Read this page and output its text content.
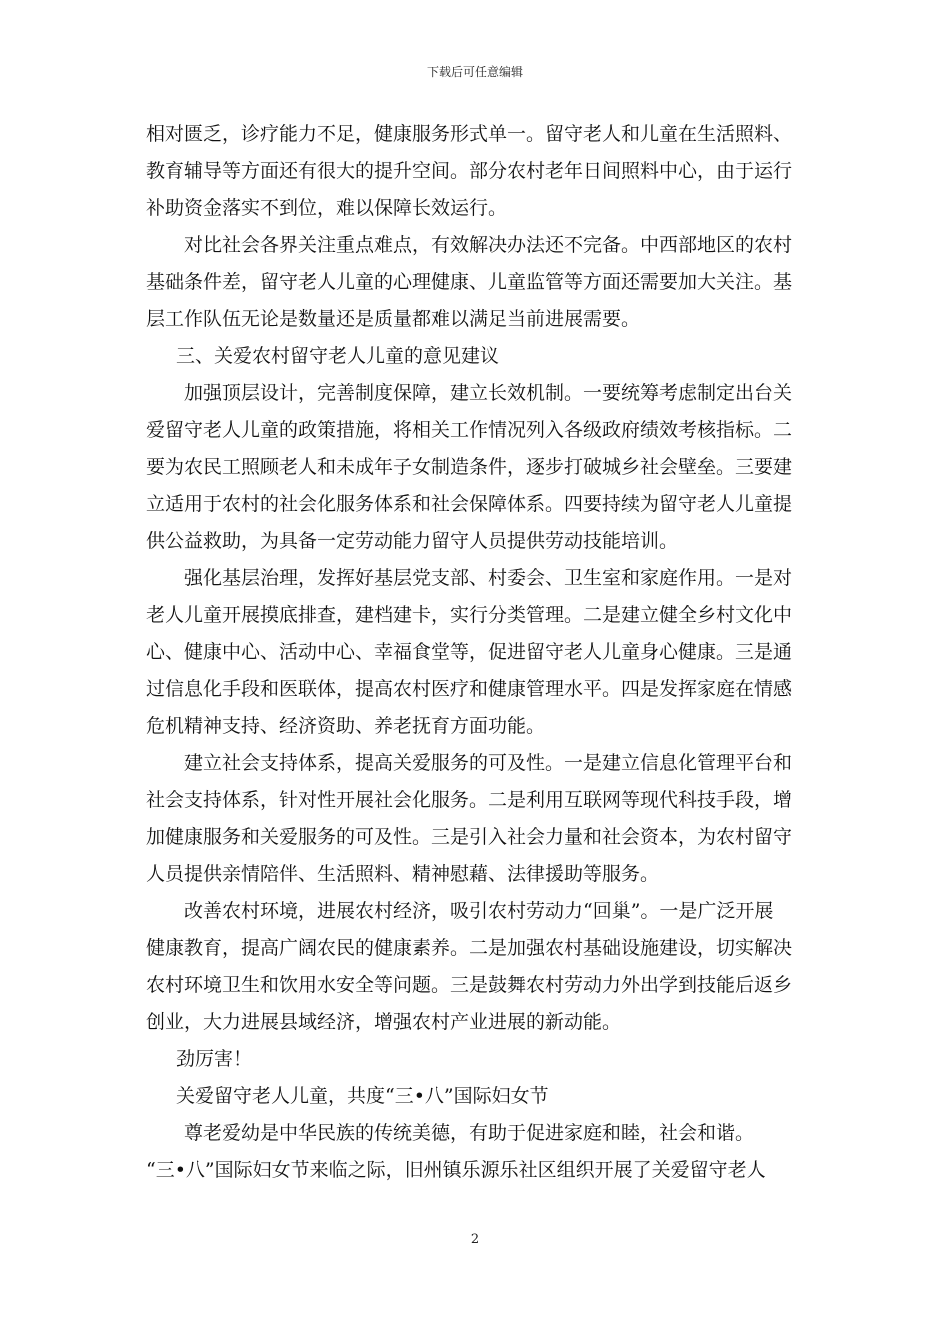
下载后可任意编辑

相对匮乏，诊疗能力不足，健康服务形式单一。留守老人和儿童在生活照料、

教育辅导等方面还有很大的提升空间。部分农村老年日间照料中心，由于运行

补助资金落实不到位，难以保障长效运行。

对比社会各界关注重点难点，有效解决办法还不完备。中西部地区的农村

基础条件差，留守老人儿童的心理健康、儿童监管等方面还需要加大关注。基

层工作队伍无论是数量还是质量都难以满足当前进展需要。

三、关爱农村留守老人儿童的意见建议

加强顶层设计，完善制度保障，建立长效机制。一要统筹考虑制定出台关

爱留守老人儿童的政策措施，将相关工作情况列入各级政府绩效考核指标。二

要为农民工照顾老人和未成年子女制造条件，逐步打破城乡社会壁垒。三要建

立适用于农村的社会化服务体系和社会保障体系。四要持续为留守老人儿童提

供公益救助，为具备一定劳动能力留守人员提供劳动技能培训。

强化基层治理，发挥好基层党支部、村委会、卫生室和家庭作用。一是对

老人儿童开展摸底排查，建档建卡，实行分类管理。二是建立健全乡村文化中

心、健康中心、活动中心、幸福食堂等，促进留守老人儿童身心健康。三是通

过信息化手段和医联体，提高农村医疗和健康管理水平。四是发挥家庭在情感

危机精神支持、经济资助、养老抚育方面功能。

建立社会支持体系，提高关爱服务的可及性。一是建立信息化管理平台和

社会支持体系，针对性开展社会化服务。二是利用互联网等现代科技手段，增

加健康服务和关爱服务的可及性。三是引入社会力量和社会资本，为农村留守

人员提供亲情陪伴、生活照料、精神慰藉、法律援助等服务。

改善农村环境，进展农村经济，吸引农村劳动力“回巢”。一是广泛开展

健康教育，提高广阔农民的健康素养。二是加强农村基础设施建设，切实解决

农村环境卫生和饮用水安全等问题。三是鼓舞农村劳动力外出学到技能后返乡

创业，大力进展县域经济，增强农村产业进展的新动能。

劲厉害！

关爱留守老人儿童，共度“三•八”国际妇女节

尊老爱幼是中华民族的传统美德，有助于促进家庭和睦，社会和谐。

“三•八”国际妇女节来临之际，旧州镇乐源乐社区组织开展了关爱留守老人

2
